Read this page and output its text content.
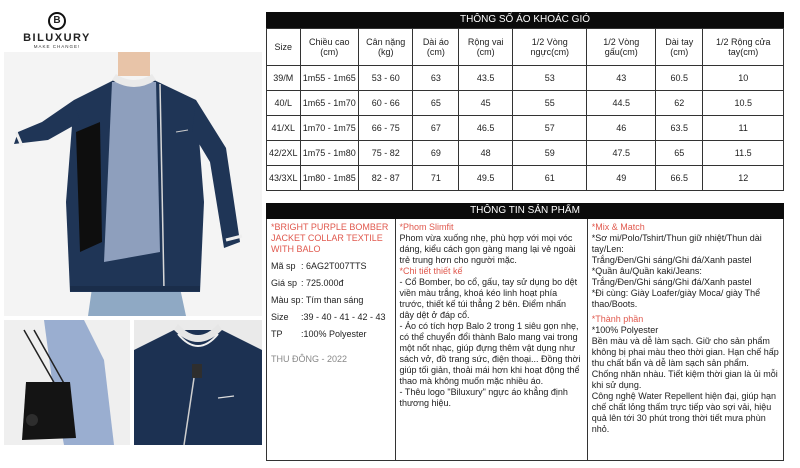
B
BILUXURY
MAKE CHANGE!
THÔNG SỐ ÁO KHOÁC GIÓ
Size	Chiều cao (cm)	Cân nặng (kg)	Dài áo (cm)	Rộng vai (cm)	1/2 Vòng ngực(cm)	1/2 Vòng gấu(cm)	Dài tay (cm)	1/2 Rộng cửa tay(cm)
39/M	1m55 - 1m65	53 - 60	63	43.5	53	43	60.5	10
40/L	1m65 - 1m70	60 - 66	65	45	55	44.5	62	10.5
41/XL	1m70 - 1m75	66 - 75	67	46.5	57	46	63.5	11
42/2XL	1m75 - 1m80	75 - 82	69	48	59	47.5	65	11.5
43/3XL	1m80 - 1m85	82 - 87	71	49.5	61	49	66.5	12
THÔNG TIN SẢN PHẨM
*BRIGHT PURPLE BOMBER JACKET COLLAR TEXTILE WITH BALO
Mã sp : 6AG2T007TTS
Giá sp : 725.000đ
Màu sp : Tím than sáng
Size	:39 - 40 - 41 - 42 - 43
TP	:100% Polyester
THU ĐÔNG - 2022

*Phom Slimfit

Phom vừa xuống nhẹ, phù hợp với mọi vóc dáng, kiểu cách gọn gàng mang lại vẻ ngoài trẻ trung hơn cho người mặc.

*Chi tiết thiết kế

- Cổ Bomber, bo cổ, gấu, tay sử dụng bo dệt viền màu trắng, khoá kéo linh hoạt phía trước, thiết kế túi thẳng 2 bên. Điểm nhấn dây dệt ở đáp cổ.

- Áo có tích hợp Balo 2 trong 1 siêu gọn nhẹ, có thể chuyển đổi thành Balo mang vai trong một nốt nhạc, giúp đựng thêm vật dụng như sách vở, đồ trang sức, điện thoại... Đồng thời giúp tối giản, thoải mái hơn khi hoạt động thể thao mà không muốn mặc nhiều áo.

- Thêu logo "Biluxury" ngực áo khẳng định thương hiệu.

*Mix & Match

*Sơ mi/Polo/Tshirt/Thun giữ nhiệt/Thun dài tay/Len:

Trắng/Đen/Ghi sáng/Ghi đá/Xanh pastel

*Quần âu/Quần kaki/Jeans:

Trắng/Đen/Ghi sáng/Ghi đá/Xanh pastel

*Đi cùng: Giày Loafer/giày Moca/ giày Thể thao/Boots.

*Thành phần

*100% Polyester

Bền màu và dễ làm sạch. Giữ cho sản phẩm không bị phai màu theo thời gian. Hạn chế hấp thu chất bẩn và dễ làm sạch sản phẩm.

Chống nhăn nhàu. Tiết kiệm thời gian là ủi mỗi khi sử dụng.

Công nghệ Water Repellent hiện đại, giúp hạn chế chất lỏng thấm trực tiếp vào sợi vải, hiệu quả lên tới 30 phút trong thời tiết mưa phùn nhỏ.
